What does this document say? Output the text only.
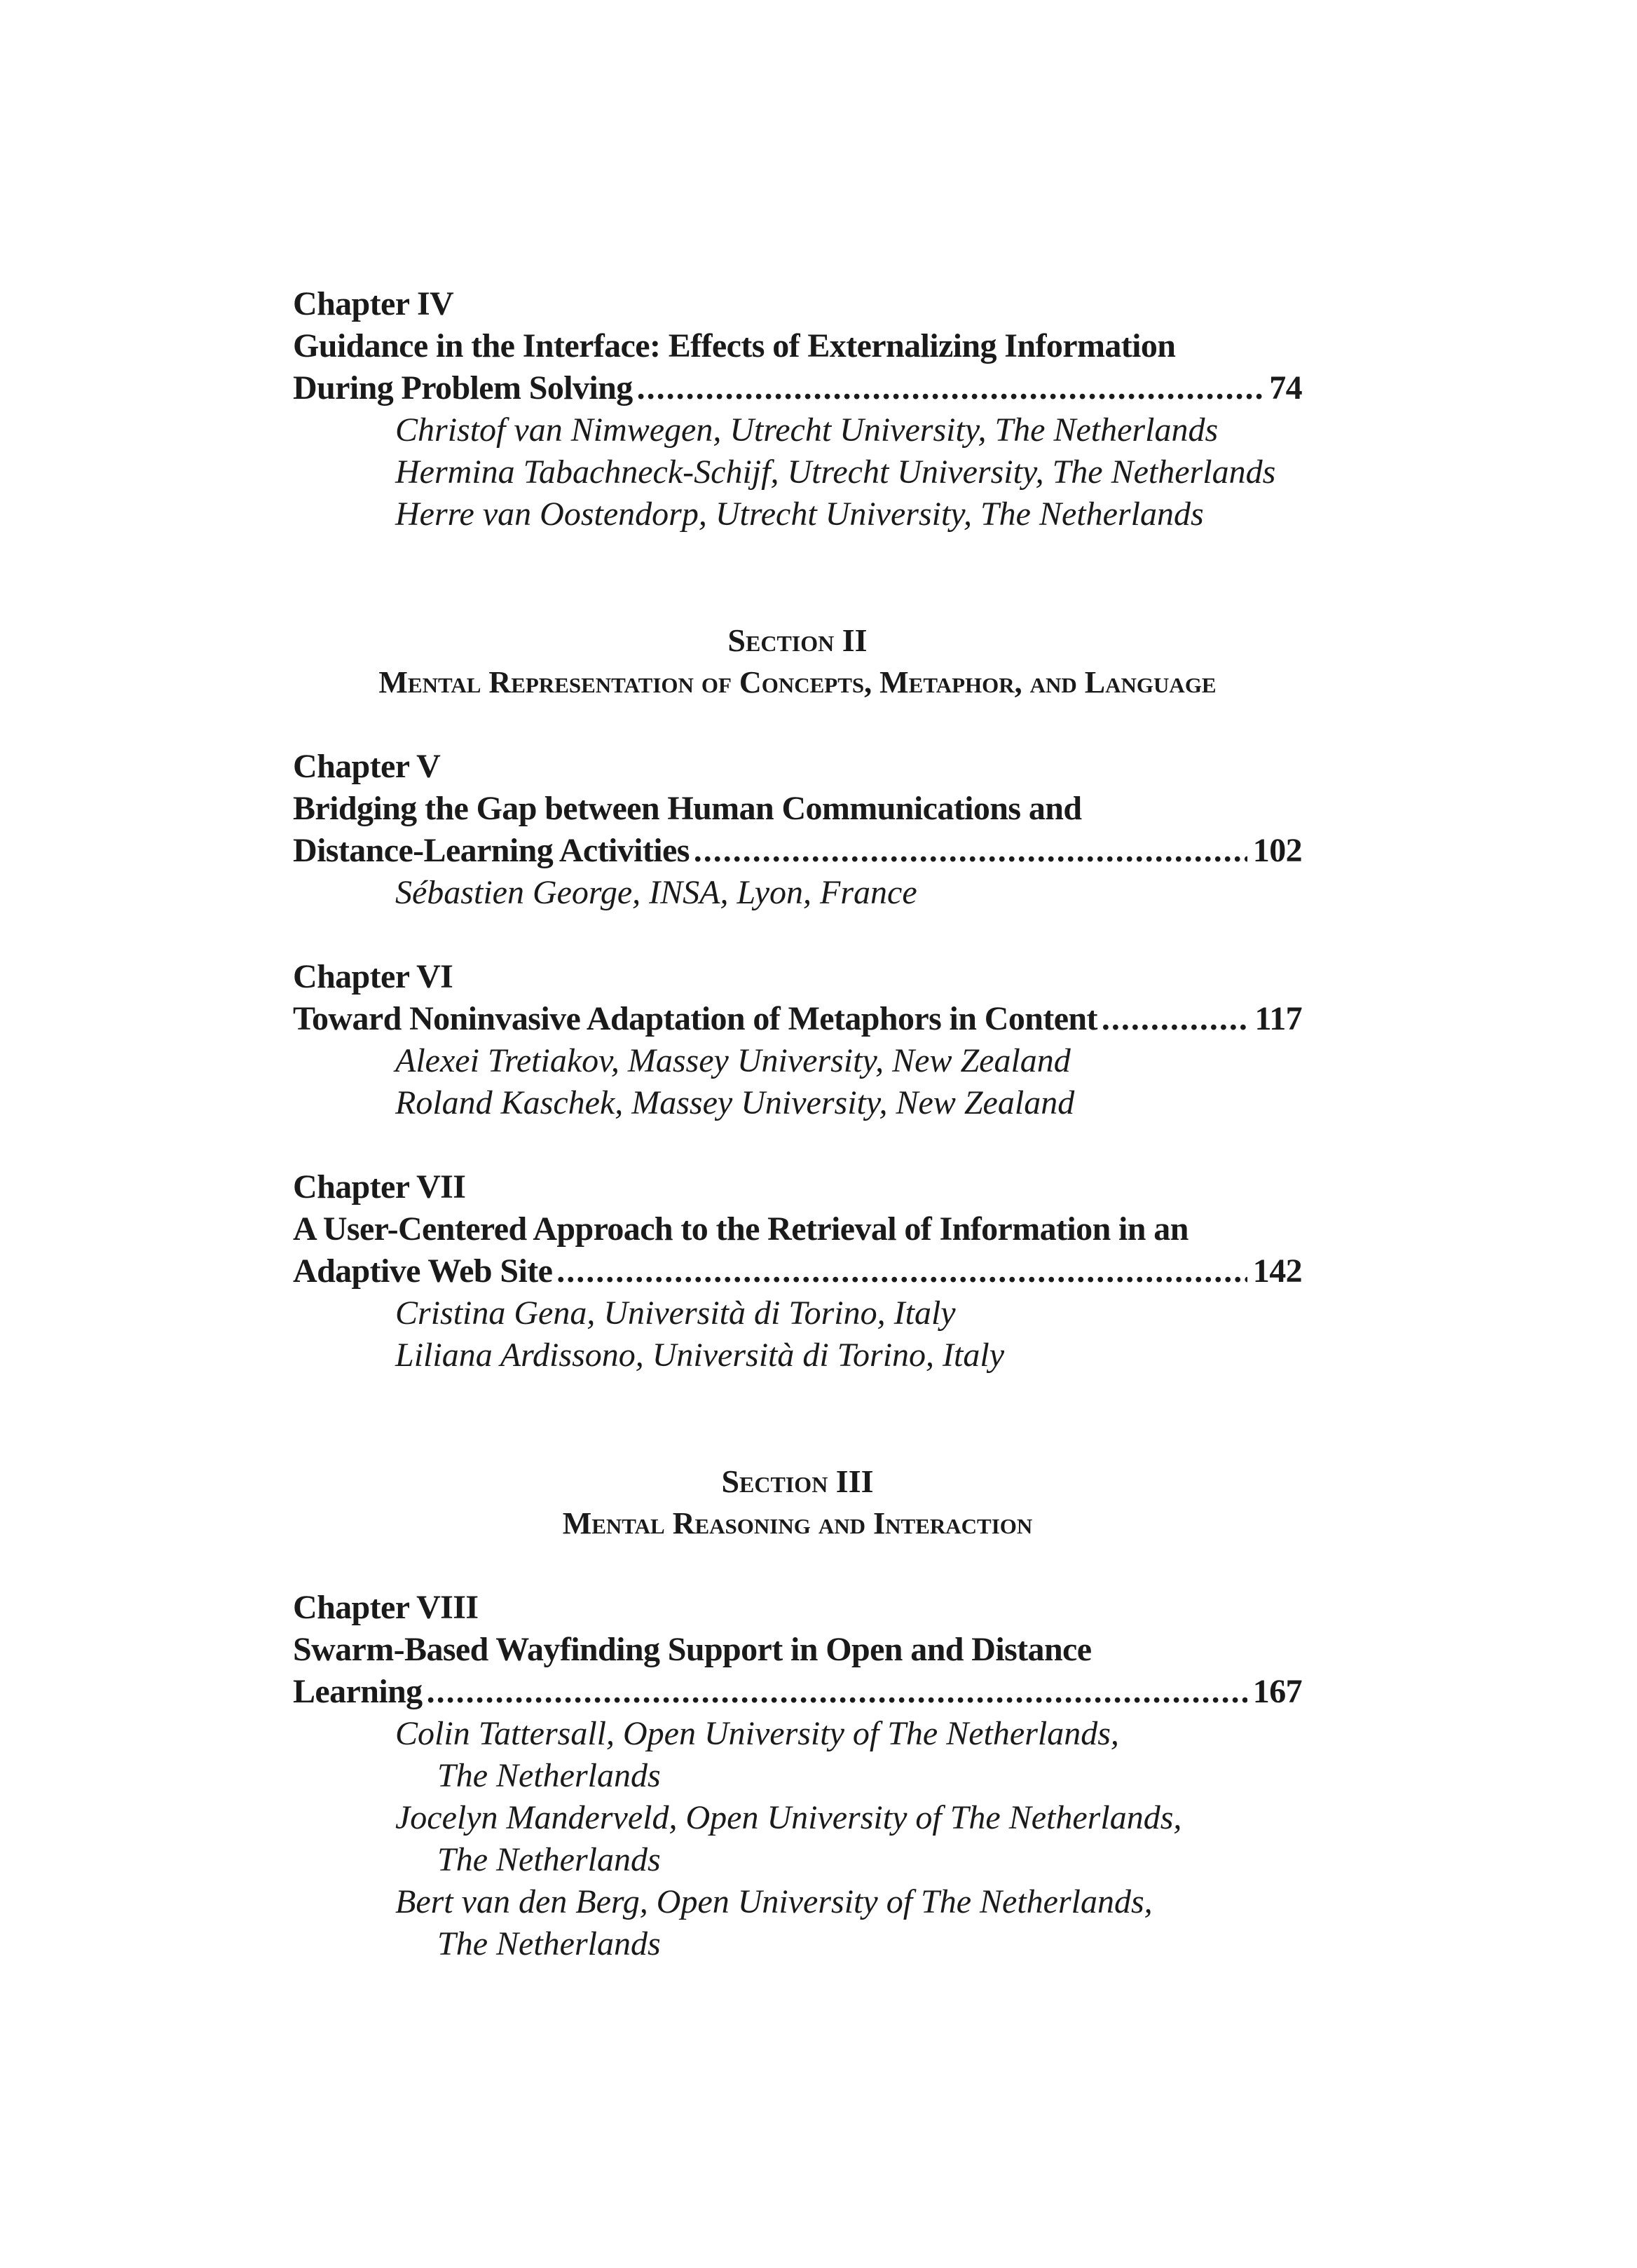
Chapter IV
Guidance in the Interface: Effects of Externalizing Information
During Problem Solving .....	74
Christof van Nimwegen, Utrecht University, The Netherlands
Hermina Tabachneck-Schijf, Utrecht University, The Netherlands
Herre van Oostendorp, Utrecht University, The Netherlands
Section II
Mental Representation of Concepts, Metaphor, and Language
Chapter V
Bridging the Gap between Human Communications and
Distance-Learning Activities .....	102
Sébastien George, INSA, Lyon, France
Chapter VI
Toward Noninvasive Adaptation of Metaphors in Content .....	117
Alexei Tretiakov, Massey University, New Zealand
Roland Kaschek, Massey University, New Zealand
Chapter VII
A User-Centered Approach to the Retrieval of Information in an
Adaptive Web Site .....	142
Cristina Gena, Università di Torino, Italy
Liliana Ardissono, Università di Torino, Italy
Section III
Mental Reasoning and Interaction
Chapter VIII
Swarm-Based Wayfinding Support in Open and Distance
Learning .....	167
Colin Tattersall, Open University of The Netherlands,
The Netherlands
Jocelyn Manderveld, Open University of The Netherlands,
The Netherlands
Bert van den Berg, Open University of The Netherlands,
The Netherlands
